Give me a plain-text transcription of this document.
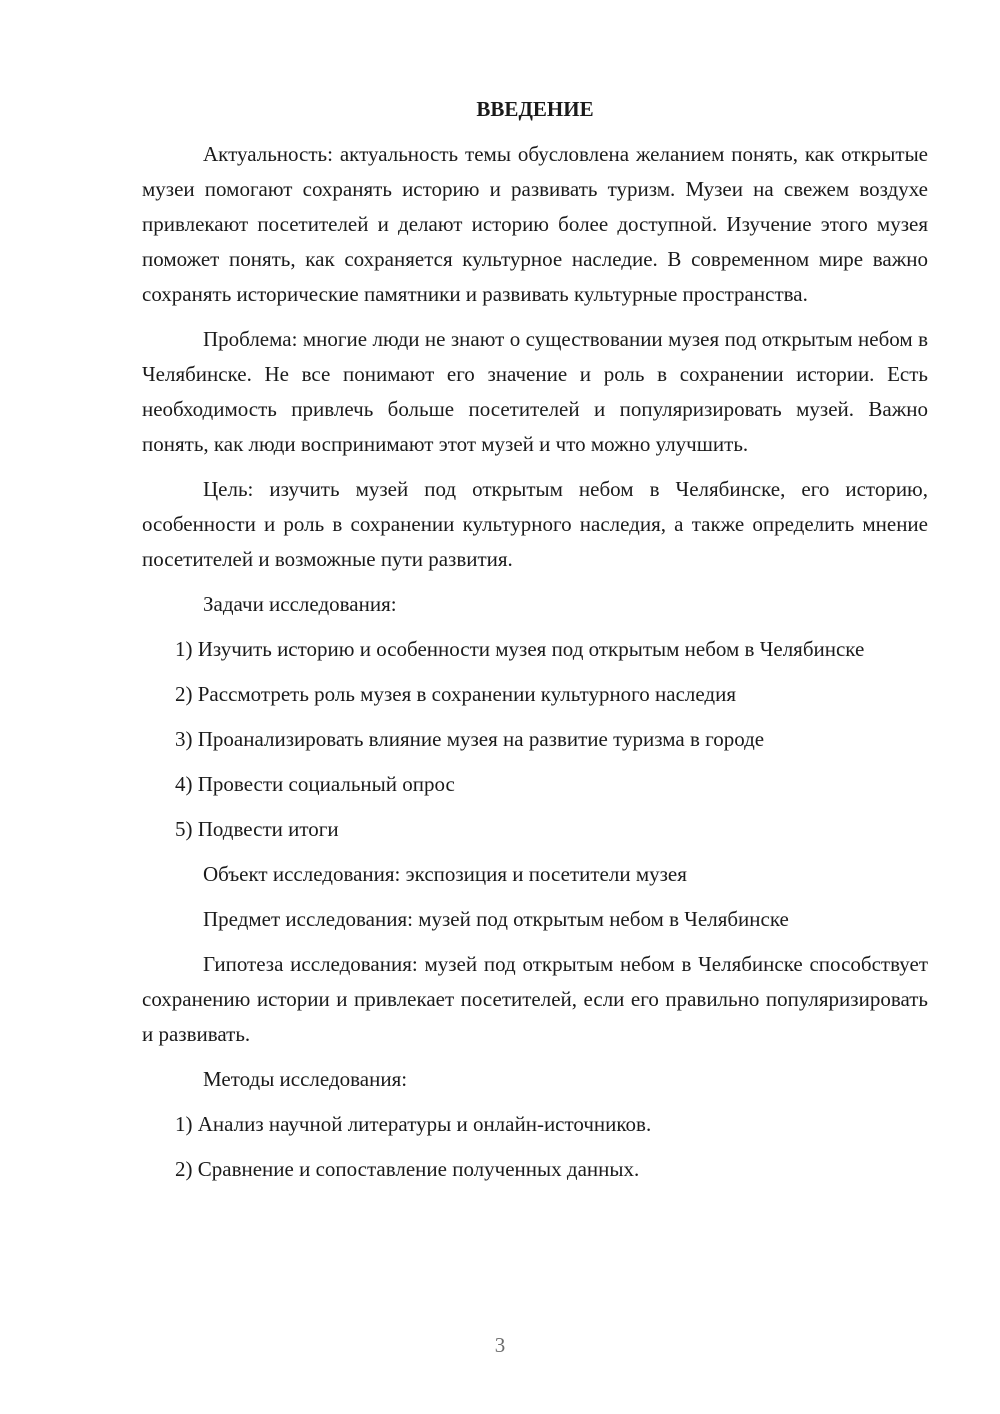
ВВЕДЕНИЕ

Актуальность: актуальность темы обусловлена желанием понять, как открытые музеи помогают сохранять историю и развивать туризм. Музеи на свежем воздухе привлекают посетителей и делают историю более доступной. Изучение этого музея поможет понять, как сохраняется культурное наследие. В современном мире важно сохранять исторические памятники и развивать культурные пространства.

Проблема: многие люди не знают о существовании музея под открытым небом в Челябинске. Не все понимают его значение и роль в сохранении истории. Есть необходимость привлечь больше посетителей и популяризировать музей. Важно понять, как люди воспринимают этот музей и что можно улучшить.

Цель: изучить музей под открытым небом в Челябинске, его историю, особенности и роль в сохранении культурного наследия, а также определить мнение посетителей и возможные пути развития.

Задачи исследования:

1) Изучить историю и особенности музея под открытым небом в Челябинске

2) Рассмотреть роль музея в сохранении культурного наследия

3) Проанализировать влияние музея на развитие туризма в городе

4) Провести социальный опрос

5) Подвести итоги

Объект исследования: экспозиция и посетители музея

Предмет исследования: музей под открытым небом в Челябинске

Гипотеза исследования: музей под открытым небом в Челябинске способствует сохранению истории и привлекает посетителей, если его правильно популяризировать и развивать.

Методы исследования:

1) Анализ научной литературы и онлайн-источников.

2) Сравнение и сопоставление полученных данных.

3
